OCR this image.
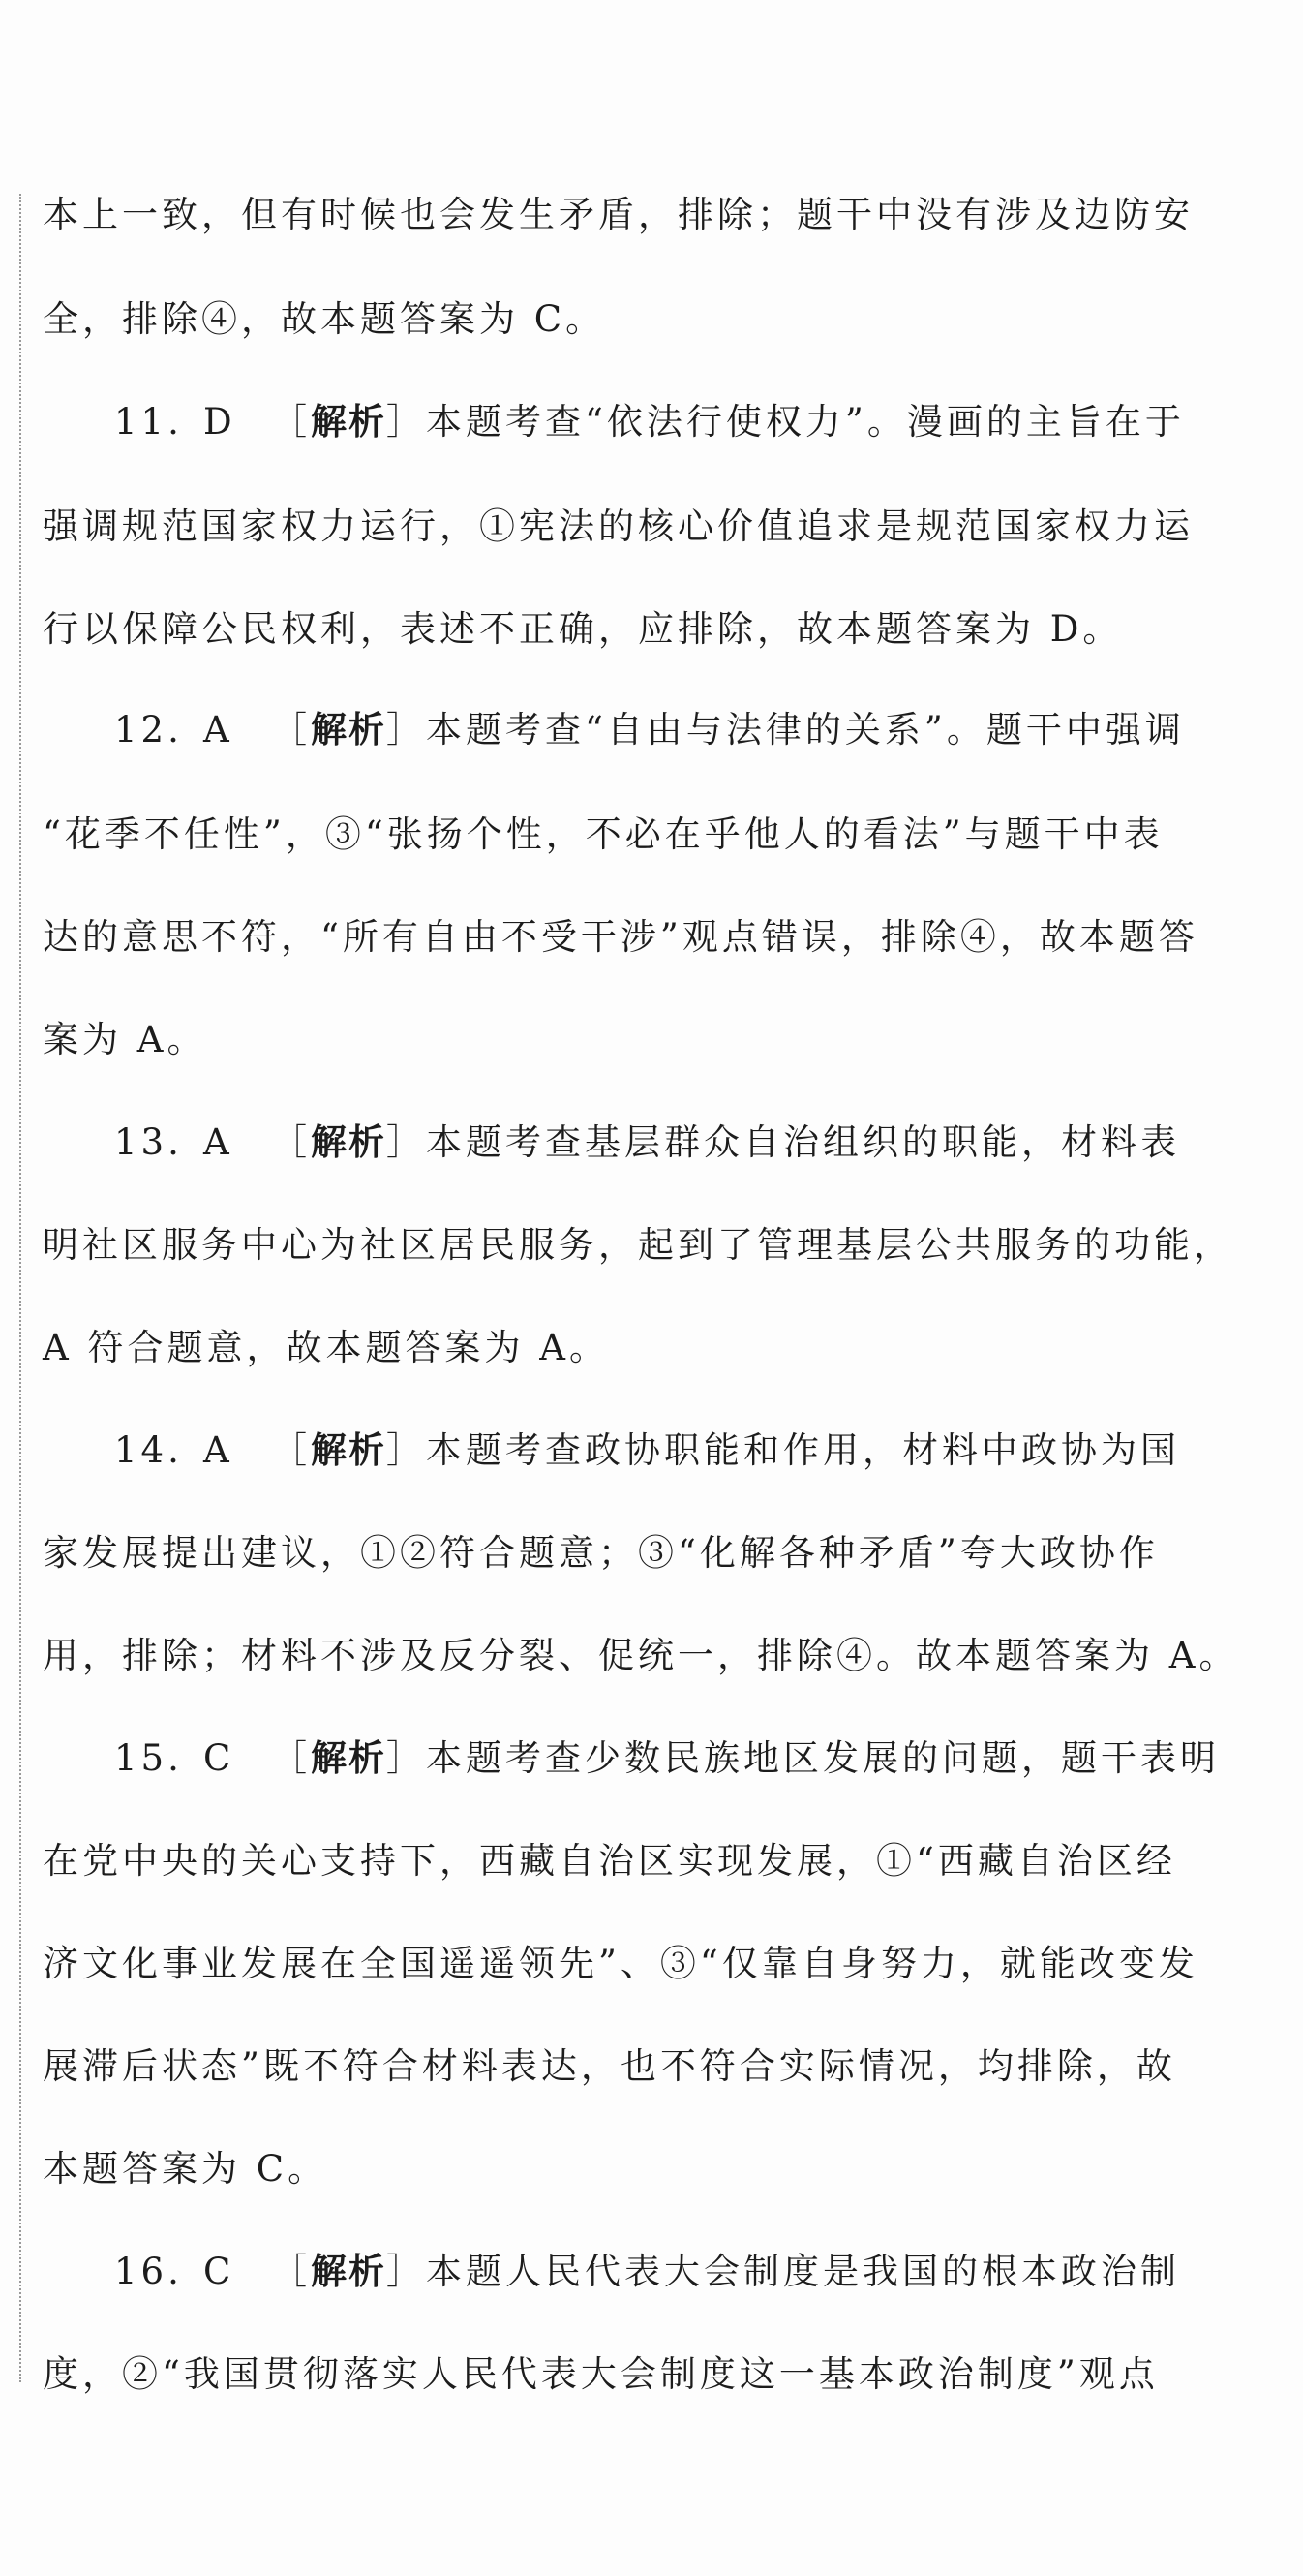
本上一致，但有时候也会发生矛盾，排除；题干中没有涉及边防安
全，排除④，故本题答案为 C。
11. D ［解析］本题考查“依法行使权力”。漫画的主旨在于
强调规范国家权力运行，①宪法的核心价值追求是规范国家权力运
行以保障公民权利，表述不正确，应排除，故本题答案为 D。
12. A ［解析］本题考查“自由与法律的关系”。题干中强调
“花季不任性”，③“张扬个性，不必在乎他人的看法”与题干中表
达的意思不符，“所有自由不受干涉”观点错误，排除④，故本题答
案为 A。
13. A ［解析］本题考查基层群众自治组织的职能，材料表
明社区服务中心为社区居民服务，起到了管理基层公共服务的功能，
A 符合题意，故本题答案为 A。
14. A ［解析］本题考查政协职能和作用，材料中政协为国
家发展提出建议，①②符合题意；③“化解各种矛盾”夸大政协作
用，排除；材料不涉及反分裂、促统一，排除④。故本题答案为 A。
15. C ［解析］本题考查少数民族地区发展的问题，题干表明
在党中央的关心支持下，西藏自治区实现发展，①“西藏自治区经
济文化事业发展在全国遥遥领先”、③“仅靠自身努力，就能改变发
展滞后状态”既不符合材料表达，也不符合实际情况，均排除，故
本题答案为 C。
16. C ［解析］本题人民代表大会制度是我国的根本政治制
度，②“我国贯彻落实人民代表大会制度这一基本政治制度”观点
